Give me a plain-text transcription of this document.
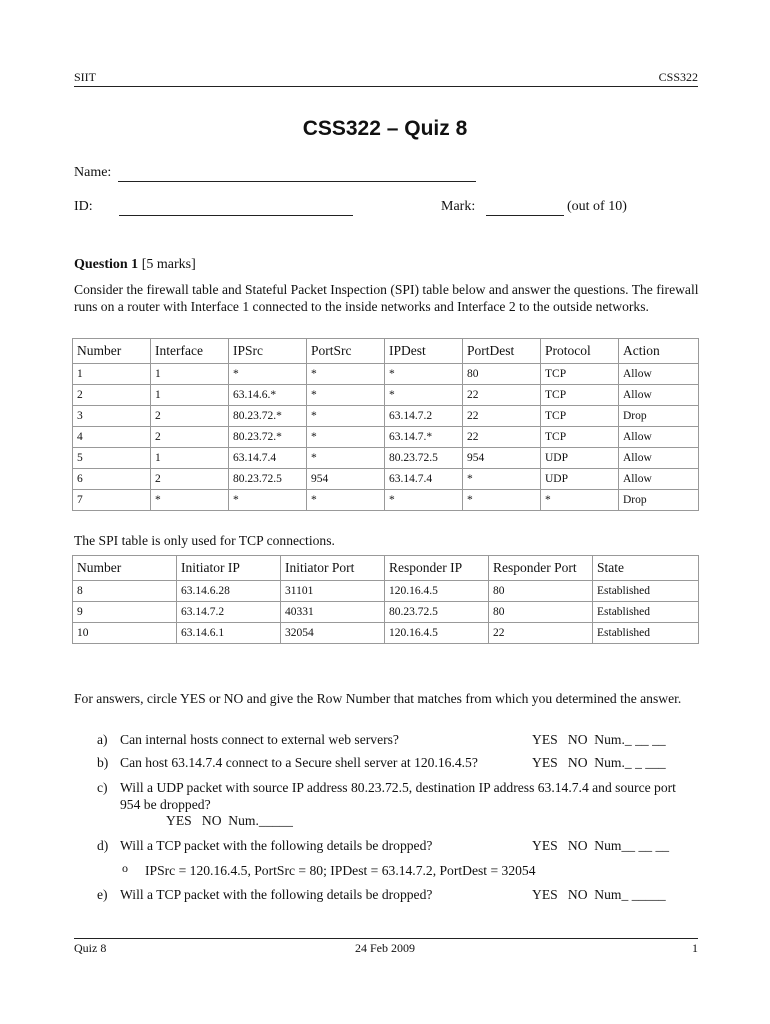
SIIT	CSS322
CSS322 – Quiz 8
Name:
ID:	Mark:	(out of 10)
Question 1 [5 marks]
Consider the firewall table and Stateful Packet Inspection (SPI) table below and answer the questions. The firewall runs on a router with Interface 1 connected to the inside networks and Interface 2 to the outside networks.
Number	Interface	IPSrc	PortSrc	IPDest	PortDest	Protocol	Action
1	1	*	*	*	80	TCP	Allow
2	1	63.14.6.*	*	*	22	TCP	Allow
3	2	80.23.72.*	*	63.14.7.2	22	TCP	Drop
4	2	80.23.72.*	*	63.14.7.*	22	TCP	Allow
5	1	63.14.7.4	*	80.23.72.5	954	UDP	Allow
6	2	80.23.72.5	954	63.14.7.4	*	UDP	Allow
7	*	*	*	*	*	*	Drop
The SPI table is only used for TCP connections.
Number	Initiator IP	Initiator Port	Responder IP	Responder Port	State
8	63.14.6.28	31101	120.16.4.5	80	Established
9	63.14.7.2	40331	80.23.72.5	80	Established
10	63.14.6.1	32054	120.16.4.5	22	Established
For answers, circle YES or NO and give the Row Number that matches from which you determined the answer.
a) Can internal hosts connect to external web servers?	YES   NO  Num._ __ __
b) Can host 63.14.7.4 connect to a Secure shell server at 120.16.4.5?	YES   NO  Num._ _ ___
c) Will a UDP packet with source IP address 80.23.72.5, destination IP address 63.14.7.4 and source port 954 be dropped?
YES   NO  Num._____
d) Will a TCP packet with the following details be dropped?	YES   NO  Num__ __ __
o IPSrc = 120.16.4.5, PortSrc = 80; IPDest = 63.14.7.2, PortDest = 32054
e) Will a TCP packet with the following details be dropped?	YES   NO  Num_ _____
Quiz 8	24 Feb 2009	1
